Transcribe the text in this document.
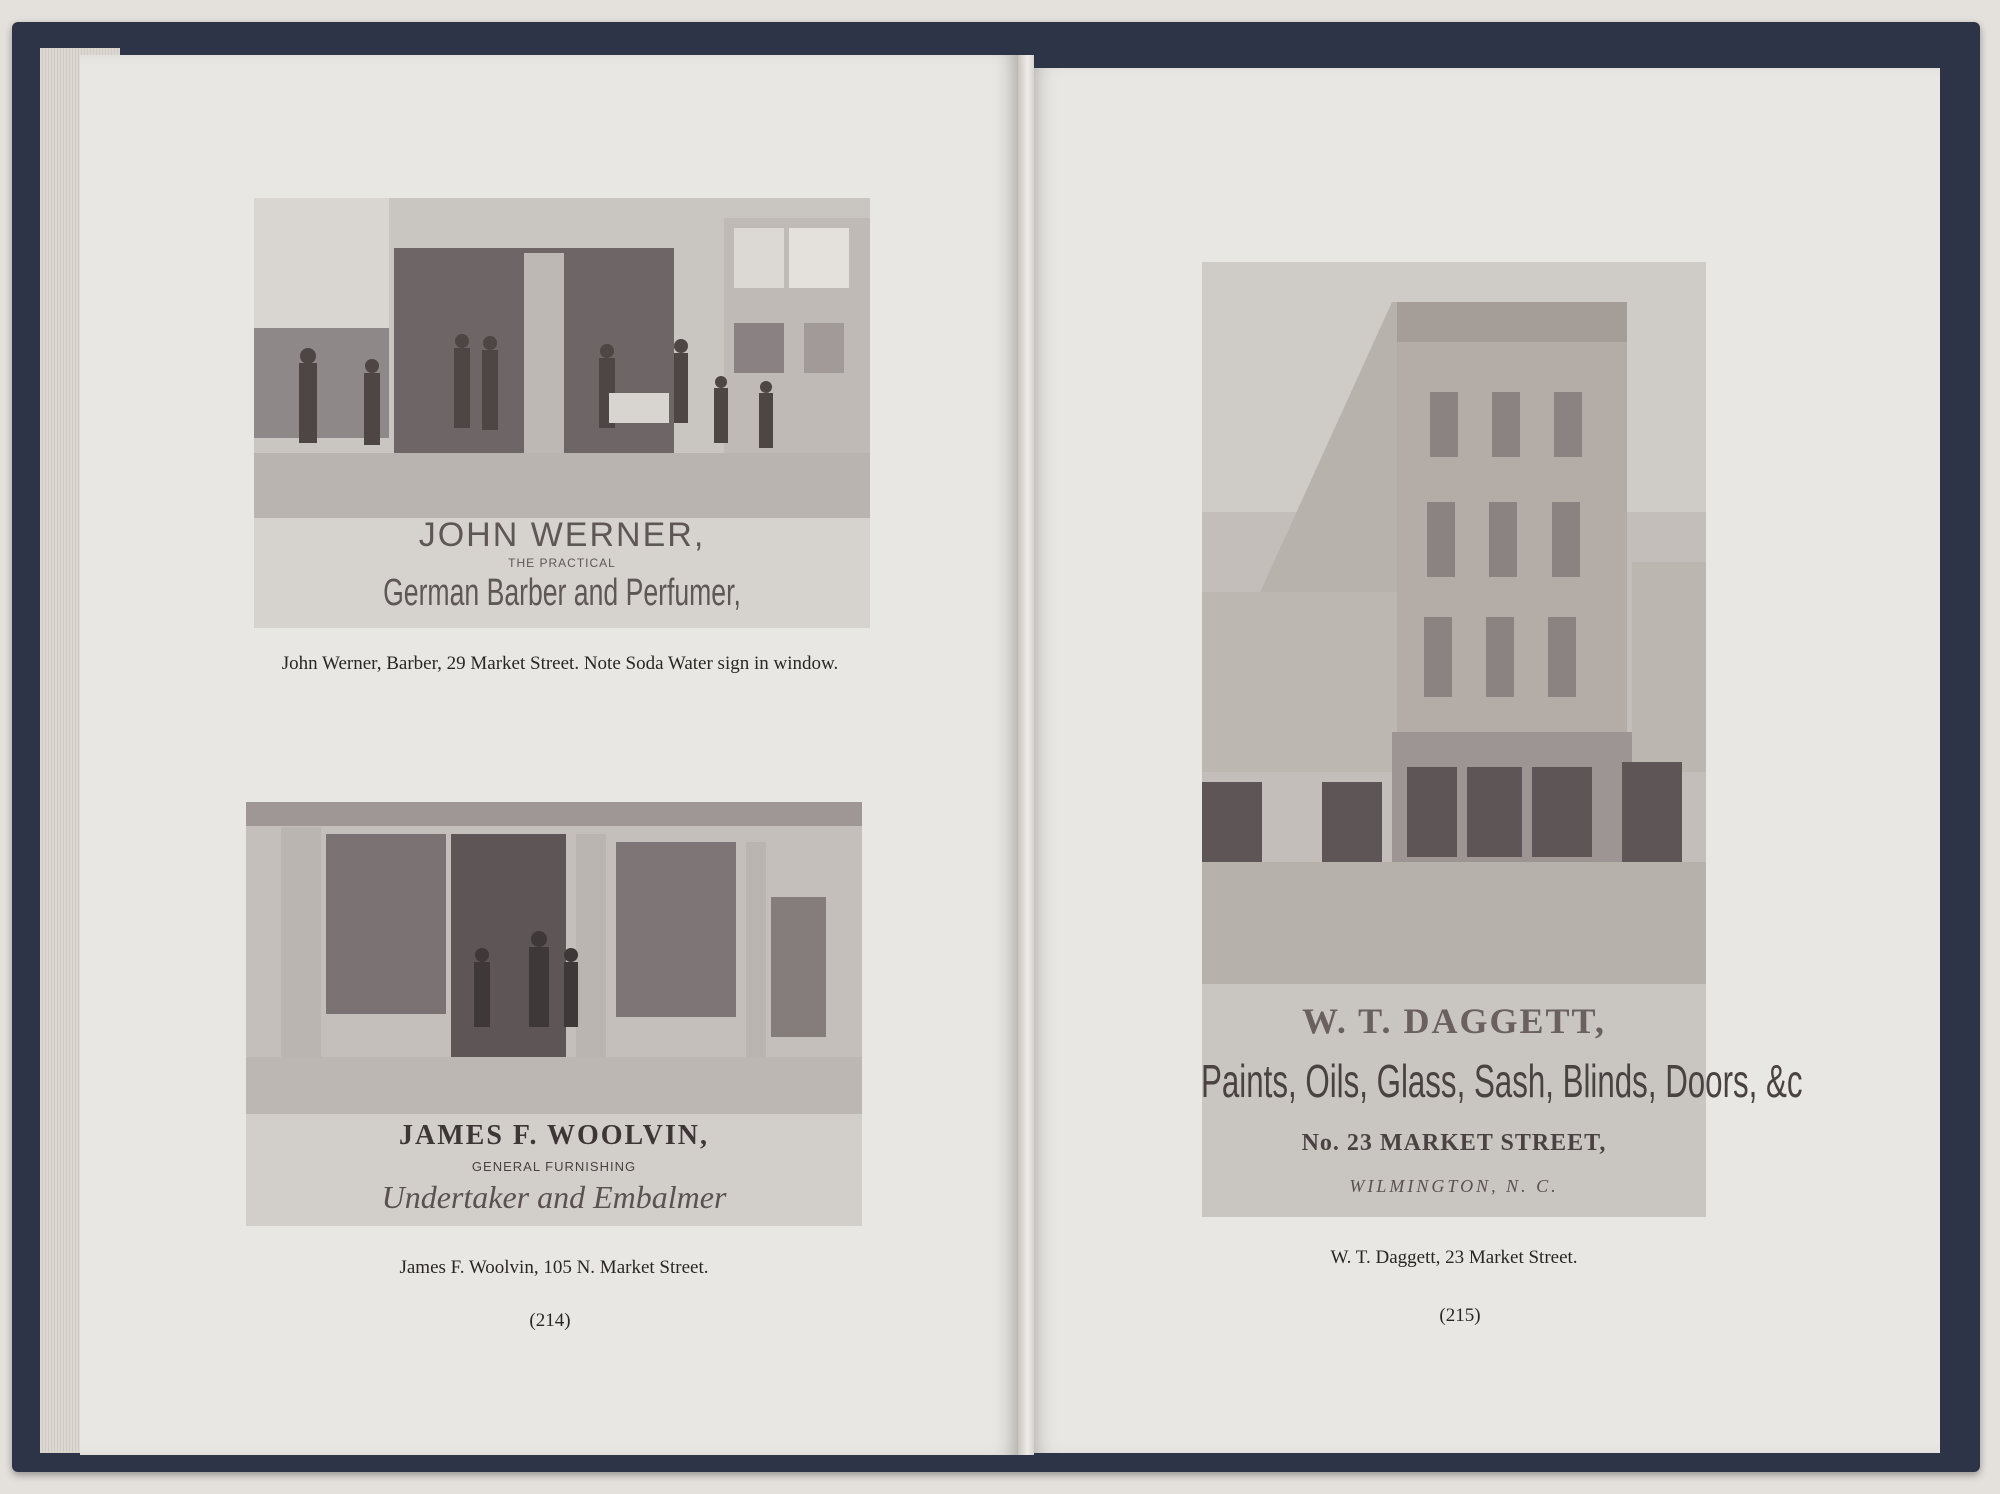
JOHN WERNER,
THE PRACTICAL
German Barber and Perfumer,
John Werner, Barber, 29 Market Street. Note Soda Water sign in window.
JAMES F. WOOLVIN,
GENERAL FURNISHING
Undertaker and Embalmer
James F. Woolvin, 105 N. Market Street.
(214)
W. T. DAGGETT,
Paints, Oils, Glass, Sash, Blinds, Doors, &c
No. 23 MARKET STREET,
WILMINGTON, N. C.
W. T. Daggett, 23 Market Street.
(215)
